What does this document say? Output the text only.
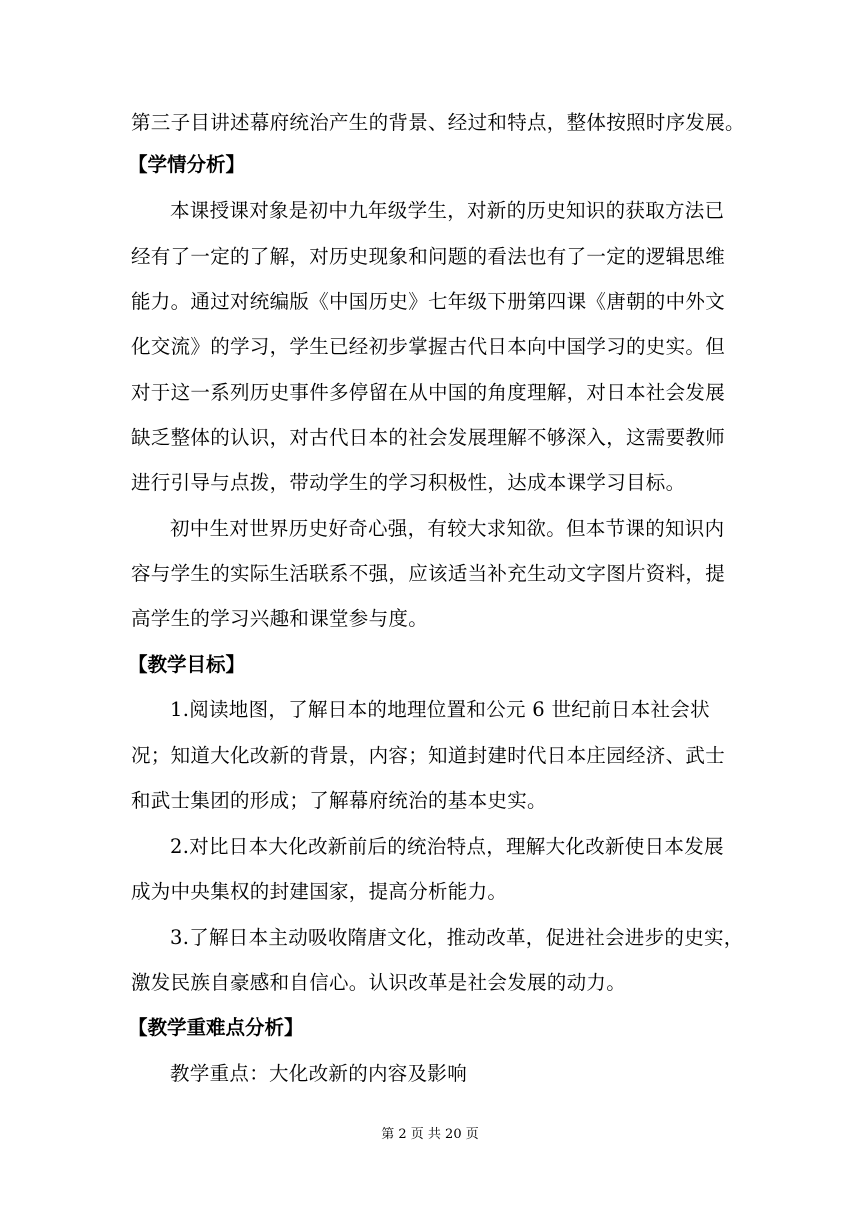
第三子目讲述幕府统治产生的背景、经过和特点，整体按照时序发展。
【学情分析】
本课授课对象是初中九年级学生，对新的历史知识的获取方法已
经有了一定的了解，对历史现象和问题的看法也有了一定的逻辑思维
能力。通过对统编版《中国历史》七年级下册第四课《唐朝的中外文
化交流》的学习，学生已经初步掌握古代日本向中国学习的史实。但
对于这一系列历史事件多停留在从中国的角度理解，对日本社会发展
缺乏整体的认识，对古代日本的社会发展理解不够深入，这需要教师
进行引导与点拨，带动学生的学习积极性，达成本课学习目标。
初中生对世界历史好奇心强，有较大求知欲。但本节课的知识内
容与学生的实际生活联系不强，应该适当补充生动文字图片资料，提
高学生的学习兴趣和课堂参与度。
【教学目标】
1.阅读地图，了解日本的地理位置和公元 6 世纪前日本社会状
况；知道大化改新的背景，内容；知道封建时代日本庄园经济、武士
和武士集团的形成；了解幕府统治的基本史实。
2.对比日本大化改新前后的统治特点，理解大化改新使日本发展
成为中央集权的封建国家，提高分析能力。
3.了解日本主动吸收隋唐文化，推动改革，促进社会进步的史实，
激发民族自豪感和自信心。认识改革是社会发展的动力。
【教学重难点分析】
教学重点：大化改新的内容及影响
第 2 页 共 20 页
